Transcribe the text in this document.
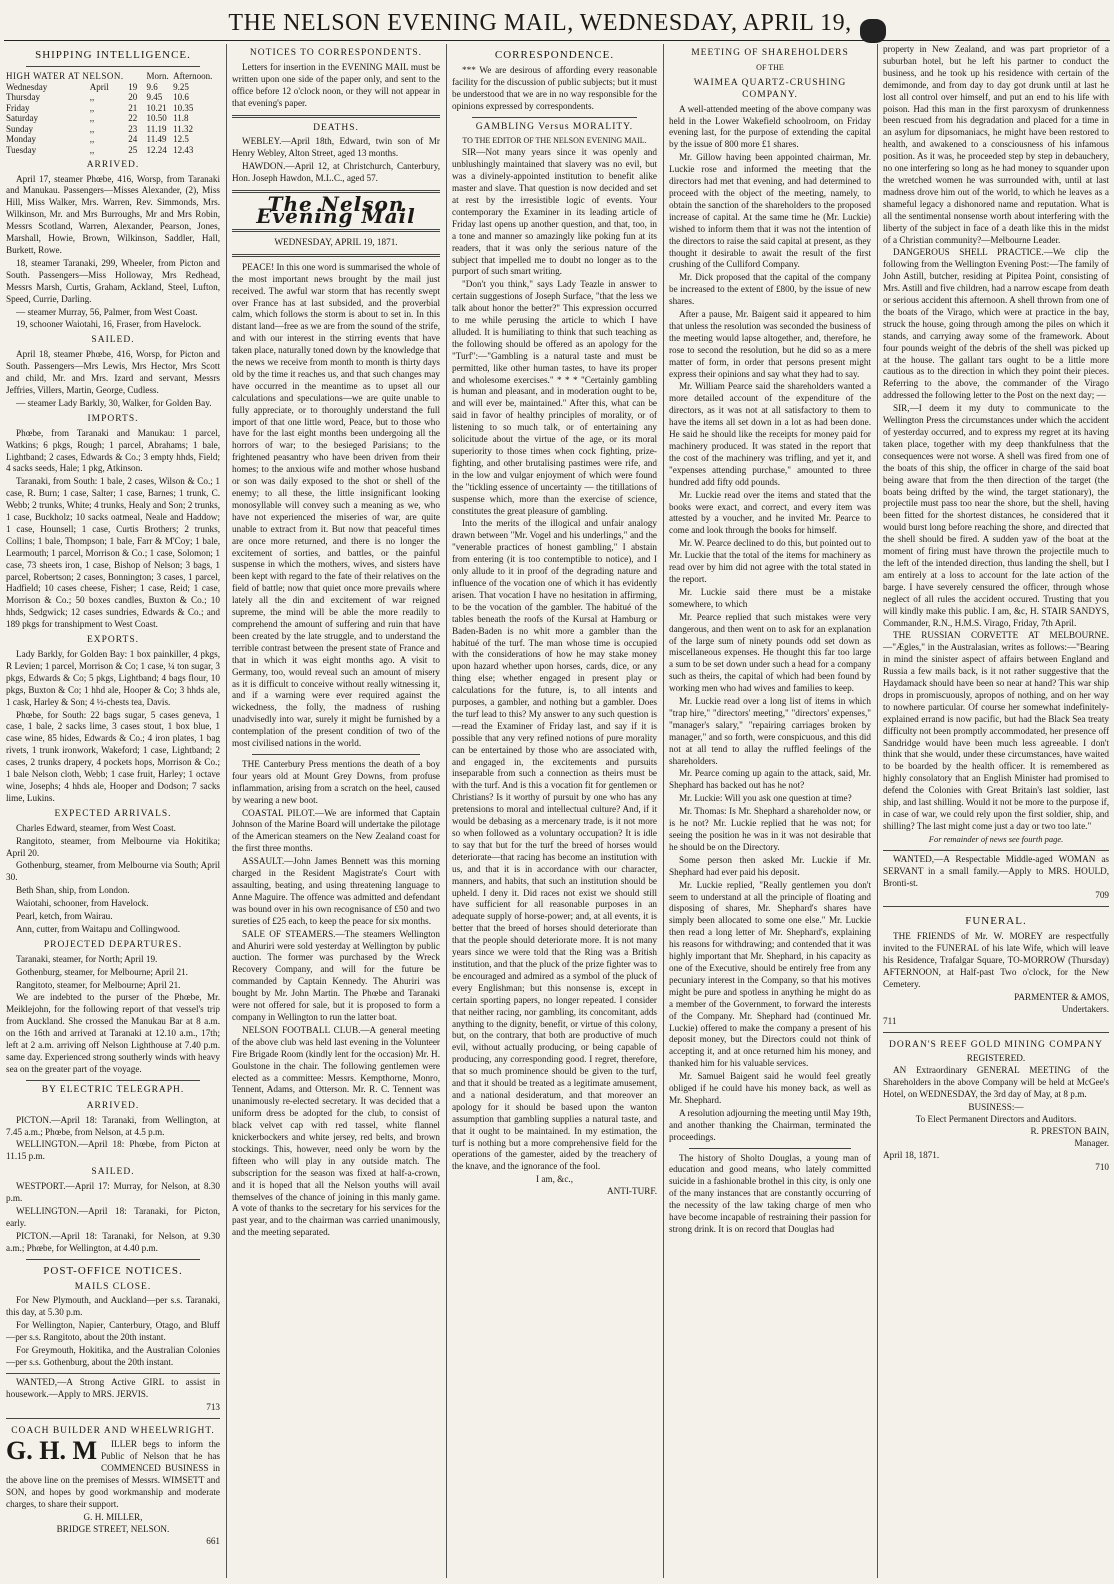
THE NELSON EVENING MAIL, WEDNESDAY, APRIL 19,
SHIPPING INTELLIGENCE.
HIGH WATER AT NELSON.			Morn.	Afternoon.
Wednesday	April	19	9.6	9.25
Thursday	,,	20	9.45	10.6
Friday	,,	21	10.21	10.35
Saturday	,,	22	10.50	11.8
Sunday	,,	23	11.19	11.32
Monday	,,	24	11.49	12.5
Tuesday	,,	25	12.24	12.43
ARRIVED.

April 17, steamer Phœbe, 416, Worsp, from Taranaki and Manukau. Passengers—Misses Alexander, (2), Miss Hill, Miss Walker, Mrs. Warren, Rev. Simmonds, Mrs. Wilkinson, Mr. and Mrs Burroughs, Mr and Mrs Robin, Messrs Scotland, Warren, Alexander, Pearson, Jones, Marshall, Howie, Brown, Wilkinson, Saddler, Hall, Burkett, Rowe.

18, steamer Taranaki, 299, Wheeler, from Picton and South. Passengers—Miss Holloway, Mrs Redhead, Messrs Marsh, Curtis, Graham, Ackland, Steel, Lufton, Speed, Currie, Darling.

— steamer Murray, 56, Palmer, from West Coast.

19, schooner Waiotahi, 16, Fraser, from Havelock.

SAILED.

April 18, steamer Phœbe, 416, Worsp, for Picton and South. Passengers—Mrs Lewis, Mrs Hector, Mrs Scott and child, Mr. and Mrs. Izard and servant, Messrs Jeffries, Villers, Martin, George, Cudless.

— steamer Lady Barkly, 30, Walker, for Golden Bay.

IMPORTS.

Phœbe, from Taranaki and Manukau: 1 parcel, Watkins; 6 pkgs, Rough; 1 parcel, Abrahams; 1 bale, Lightband; 2 cases, Edwards & Co.; 3 empty hhds, Field; 4 sacks seeds, Hale; 1 pkg, Atkinson.

Taranaki, from South: 1 bale, 2 cases, Wilson & Co.; 1 case, R. Burn; 1 case, Salter; 1 case, Barnes; 1 trunk, C. Webb; 2 trunks, White; 4 trunks, Healy and Son; 2 trunks, 1 case, Buckholz; 10 sacks oatmeal, Neale and Haddow; 1 case, Hounsell; 1 case, Curtis Brothers; 2 trunks, Collins; 1 bale, Thompson; 1 bale, Farr & M'Coy; 1 bale, Learmouth; 1 parcel, Morrison & Co.; 1 case, Solomon; 1 case, 73 sheets iron, 1 case, Bishop of Nelson; 3 bags, 1 parcel, Robertson; 2 cases, Bonnington; 3 cases, 1 parcel, Hadfield; 10 cases cheese, Fisher; 1 case, Reid; 1 case, Morrison & Co.; 50 boxes candles, Buxton & Co.; 10 hhds, Sedgwick; 12 cases sundries, Edwards & Co.; and 189 pkgs for transhipment to West Coast.

EXPORTS.

Lady Barkly, for Golden Bay: 1 box painkiller, 4 pkgs, R Levien; 1 parcel, Morrison & Co; 1 case, ¼ ton sugar, 3 pkgs, Edwards & Co; 5 pkgs, Lightband; 4 bags flour, 10 pkgs, Buxton & Co; 1 hhd ale, Hooper & Co; 3 hhds ale, 1 cask, Harley & Son; 4 ½-chests tea, Davis.

Phœbe, for South: 22 bags sugar, 5 cases geneva, 1 case, 1 bale, 2 sacks lime, 3 cases stout, 1 box blue, 1 case wine, 85 hides, Edwards & Co.; 4 iron plates, 1 bag rivets, 1 trunk ironwork, Wakeford; 1 case, Lightband; 2 cases, 2 trunks drapery, 4 pockets hops, Morrison & Co.; 1 bale Nelson cloth, Webb; 1 case fruit, Harley; 1 octave wine, Josephs; 4 hhds ale, Hooper and Dodson; 7 sacks lime, Lukins.

EXPECTED ARRIVALS.

Charles Edward, steamer, from West Coast.

Rangitoto, steamer, from Melbourne via Hokitika; April 20.

Gothenburg, steamer, from Melbourne via South; April 30.

Beth Shan, ship, from London.

Waiotahi, schooner, from Havelock.

Pearl, ketch, from Wairau.

Ann, cutter, from Waitapu and Collingwood.

PROJECTED DEPARTURES.

Taranaki, steamer, for North; April 19.

Gothenburg, steamer, for Melbourne; April 21.

Rangitoto, steamer, for Melbourne; April 21.

We are indebted to the purser of the Phœbe, Mr. Meiklejohn, for the following report of that vessel's trip from Auckland. She crossed the Manukau Bar at 8 a.m. on the 16th and arrived at Taranaki at 12.10 a.m., 17th; left at 2 a.m. arriving off Nelson Lighthouse at 7.40 p.m. same day. Experienced strong southerly winds with heavy sea on the greater part of the voyage.

BY ELECTRIC TELEGRAPH.
ARRIVED.

PICTON.—April 18: Taranaki, from Wellington, at 7.45 a.m.; Phœbe, from Nelson, at 4.5 p.m.

WELLINGTON.—April 18: Phœbe, from Picton at 11.15 p.m.

SAILED.

WESTPORT.—April 17: Murray, for Nelson, at 8.30 p.m.

WELLINGTON.—April 18: Taranaki, for Picton, early.

PICTON.—April 18: Taranaki, for Nelson, at 9.30 a.m.; Phœbe, for Wellington, at 4.40 p.m.

POST-OFFICE NOTICES.
MAILS CLOSE.

For New Plymouth, and Auckland—per s.s. Taranaki, this day, at 5.30 p.m.

For Wellington, Napier, Canterbury, Otago, and Bluff—per s.s. Rangitoto, about the 20th instant.

For Greymouth, Hokitika, and the Australian Colonies—per s.s. Gothenburg, about the 20th instant.

WANTED,—A Strong Active GIRL to assist in housework.—Apply to MRS. JERVIS.

713
COACH BUILDER AND WHEELWRIGHT.
G. H. M	ILLER begs to inform the Public of Nelson that he has COMMENCED BUSINESS in the above line on the premises of Messrs. WIMSETT and SON, and hopes by good workmanship and moderate charges, to share their support.

G. H. MILLER,
BRIDGE STREET, NELSON.
661
NOTICES TO CORRESPONDENTS.

Letters for insertion in the EVENING MAIL must be written upon one side of the paper only, and sent to the office before 12 o'clock noon, or they will not appear in that evening's paper.

DEATHS.

WEBLEY.—April 18th, Edward, twin son of Mr Henry Webley, Alton Street, aged 13 months.

HAWDON.—April 12, at Christchurch, Canterbury, Hon. Joseph Hawdon, M.L.C., aged 57.

The Nelson Evening Mail
WEDNESDAY, APRIL 19, 1871.

PEACE! In this one word is summarised the whole of the most important news brought by the mail just received. The awful war storm that has recently swept over France has at last subsided, and the proverbial calm, which follows the storm is about to set in. In this distant land—free as we are from the sound of the strife, and with our interest in the stirring events that have taken place, naturally toned down by the knowledge that the news we receive from month to month is thirty days old by the time it reaches us, and that such changes may have occurred in the meantime as to upset all our calculations and speculations—we are quite unable to fully appreciate, or to thoroughly understand the full import of that one little word, Peace, but to those who have for the last eight months been undergoing all the horrors of war; to the besieged Parisians; to the frightened peasantry who have been driven from their homes; to the anxious wife and mother whose husband or son was daily exposed to the shot or shell of the enemy; to all these, the little insignificant looking monosyllable will convey such a meaning as we, who have not experienced the miseries of war, are quite unable to extract from it. But now that peaceful times are once more returned, and there is no longer the excitement of sorties, and battles, or the painful suspense in which the mothers, wives, and sisters have been kept with regard to the fate of their relatives on the field of battle; now that quiet once more prevails where lately all the din and excitement of war reigned supreme, the mind will be able the more readily to comprehend the amount of suffering and ruin that have been created by the late struggle, and to understand the terrible contrast between the present state of France and that in which it was eight months ago. A visit to Germany, too, would reveal such an amount of misery as it is difficult to conceive without really witnessing it, and if a warning were ever required against the wickedness, the folly, the madness of rushing unadvisedly into war, surely it might be furnished by a contemplation of the present condition of two of the most civilised nations in the world.

THE Canterbury Press mentions the death of a boy four years old at Mount Grey Downs, from profuse inflammation, arising from a scratch on the heel, caused by wearing a new boot.

COASTAL PILOT.—We are informed that Captain Johnson of the Marine Board will undertake the pilotage of the American steamers on the New Zealand coast for the first three months.

ASSAULT.—John James Bennett was this morning charged in the Resident Magistrate's Court with assaulting, beating, and using threatening language to Anne Maguire. The offence was admitted and defendant was bound over in his own recognisance of £50 and two sureties of £25 each, to keep the peace for six months.

SALE OF STEAMERS.—The steamers Wellington and Ahuriri were sold yesterday at Wellington by public auction. The former was purchased by the Wreck Recovery Company, and will for the future be commanded by Captain Kennedy. The Ahuriri was bought by Mr. John Martin. The Phœbe and Taranaki were not offered for sale, but it is proposed to form a company in Wellington to run the latter boat.

NELSON FOOTBALL CLUB.—A general meeting of the above club was held last evening in the Volunteer Fire Brigade Room (kindly lent for the occasion) Mr. H. Goulstone in the chair. The following gentlemen were elected as a committee: Messrs. Kempthorne, Monro, Tennent, Adams, and Otterson. Mr. R. C. Tennent was unanimously re-elected secretary. It was decided that a uniform dress be adopted for the club, to consist of black velvet cap with red tassel, white flannel knickerbockers and white jersey, red belts, and brown stockings. This, however, need only be worn by the fifteen who will play in any outside match. The subscription for the season was fixed at half-a-crown, and it is hoped that all the Nelson youths will avail themselves of the chance of joining in this manly game. A vote of thanks to the secretary for his services for the past year, and to the chairman was carried unanimously, and the meeting separated.

CORRESPONDENCE.

*** We are desirous of affording every reasonable facility for the discussion of public subjects; but it must be understood that we are in no way responsible for the opinions expressed by correspondents.

GAMBLING Versus MORALITY.
TO THE EDITOR OF THE NELSON EVENING MAIL.

SIR—Not many years since it was openly and unblushingly maintained that slavery was no evil, but was a divinely-appointed institution to benefit alike master and slave. That question is now decided and set at rest by the irresistible logic of events. Your contemporary the Examiner in its leading article of Friday last opens up another question, and that, too, in a tone and manner so amazingly like poking fun at its readers, that it was only the serious nature of the subject that impelled me to doubt no longer as to the purport of such smart writing.

"Don't you think," says Lady Teazle in answer to certain suggestions of Joseph Surface, "that the less we talk about honor the better?" This expression occurred to me while perusing the article to which I have alluded. It is humiliating to think that such teaching as the following should be offered as an apology for the "Turf":—"Gambling is a natural taste and must be permitted, like other human tastes, to have its proper and wholesome exercises." * * * "Certainly gambling is human and pleasant, and in moderation ought to be, and will ever be, maintained." After this, what can be said in favor of healthy principles of morality, or of listening to so much talk, or of entertaining any solicitude about the virtue of the age, or its moral superiority to those times when cock fighting, prize-fighting, and other brutalising pastimes were rife, and in the low and vulgar enjoyment of which were found the "tickling essence of uncertainty — the titillations of suspense which, more than the exercise of science, constitutes the great pleasure of gambling.

Into the merits of the illogical and unfair analogy drawn between "Mr. Vogel and his underlings," and the "venerable practices of honest gambling," I abstain from entering (it is too contemptible to notice), and I only allude to it in proof of the degrading nature and influence of the vocation one of which it has evidently arisen. That vocation I have no hesitation in affirming, to be the vocation of the gambler. The habitué of the tables beneath the roofs of the Kursal at Hamburg or Baden-Baden is no whit more a gambler than the habitué of the turf. The man whose time is occupied with the considerations of how he may stake money upon hazard whether upon horses, cards, dice, or any thing else; whether engaged in present play or calculations for the future, is, to all intents and purposes, a gambler, and nothing but a gambler. Does the turf lead to this? My answer to any such question is—read the Examiner of Friday last, and say if it is possible that any very refined notions of pure morality can be entertained by those who are associated with, and engaged in, the excitements and pursuits inseparable from such a connection as theirs must be with the turf. And is this a vocation fit for gentlemen or Christians? Is it worthy of pursuit by one who has any pretensions to moral and intellectual culture? And, if it would be debasing as a mercenary trade, is it not more so when followed as a voluntary occupation? It is idle to say that but for the turf the breed of horses would deteriorate—that racing has become an institution with us, and that it is in accordance with our character, manners, and habits, that such an institution should be upheld. I deny it. Did races not exist we should still have sufficient for all reasonable purposes in an adequate supply of horse-power; and, at all events, it is better that the breed of horses should deteriorate than that the people should deteriorate more. It is not many years since we were told that the Ring was a British institution, and that the pluck of the prize fighter was to be encouraged and admired as a symbol of the pluck of every Englishman; but this nonsense is, except in certain sporting papers, no longer repeated. I consider that neither racing, nor gambling, its concomitant, adds anything to the dignity, benefit, or virtue of this colony, but, on the contrary, that both are productive of much evil, without actually producing, or being capable of producing, any corresponding good. I regret, therefore, that so much prominence should be given to the turf, and that it should be treated as a legitimate amusement, and a national desideratum, and that moreover an apology for it should be based upon the wanton assumption that gambling supplies a natural taste, and that it ought to be maintained. In my estimation, the turf is nothing but a more comprehensive field for the operations of the gamester, aided by the treachery of the knave, and the ignorance of the fool.

I am, &c.,
ANTI-TURF.
MEETING OF SHAREHOLDERS
OF THE
WAIMEA QUARTZ-CRUSHING COMPANY.

A well-attended meeting of the above company was held in the Lower Wakefield schoolroom, on Friday evening last, for the purpose of extending the capital by the issue of 800 more £1 shares.

Mr. Gillow having been appointed chairman, Mr. Luckie rose and informed the meeting that the directors had met that evening, and had determined to proceed with the object of the meeting, namely, to obtain the sanction of the shareholders to the proposed increase of capital. At the same time he (Mr. Luckie) wished to inform them that it was not the intention of the directors to raise the said capital at present, as they thought it desirable to await the result of the first crushing of the Culliford Company.

Mr. Dick proposed that the capital of the company be increased to the extent of £800, by the issue of new shares.

After a pause, Mr. Baigent said it appeared to him that unless the resolution was seconded the business of the meeting would lapse altogether, and, therefore, he rose to second the resolution, but he did so as a mere matter of form, in order that persons present might express their opinions and say what they had to say.

Mr. William Pearce said the shareholders wanted a more detailed account of the expenditure of the directors, as it was not at all satisfactory to them to have the items all set down in a lot as had been done. He said he should like the receipts for money paid for machinery produced. It was stated in the report that the cost of the machinery was trifling, and yet it, and "expenses attending purchase," amounted to three hundred add fifty odd pounds.

Mr. Luckie read over the items and stated that the books were exact, and correct, and every item was attested by a voucher, and he invited Mr. Pearce to come and look through the books for himself.

Mr. W. Pearce declined to do this, but pointed out to Mr. Luckie that the total of the items for machinery as read over by him did not agree with the total stated in the report.

Mr. Luckie said there must be a mistake somewhere, to which

Mr. Pearce replied that such mistakes were very dangerous, and then went on to ask for an explanation of the large sum of ninety pounds odd set down as miscellaneous expenses. He thought this far too large a sum to be set down under such a head for a company such as theirs, the capital of which had been found by working men who had wives and families to keep.

Mr. Luckie read over a long list of items in which "trap hire," "directors' meeting," "directors' expenses," "manager's salary," "repairing carriages broken by manager," and so forth, were conspicuous, and this did not at all tend to allay the ruffled feelings of the shareholders.

Mr. Pearce coming up again to the attack, said, Mr. Shephard has backed out has he not?

Mr. Luckie: Will you ask one question at time?

Mr. Thomas: Is Mr. Shephard a shareholder now, or is he not? Mr. Luckie replied that he was not; for seeing the position he was in it was not desirable that he should be on the Directory.

Some person then asked Mr. Luckie if Mr. Shephard had ever paid his deposit.

Mr. Luckie replied, "Really gentlemen you don't seem to understand at all the principle of floating and disposing of shares, Mr. Shephard's shares have simply been allocated to some one else." Mr. Luckie then read a long letter of Mr. Shephard's, explaining his reasons for withdrawing; and contended that it was highly important that Mr. Shephard, in his capacity as one of the Executive, should be entirely free from any pecuniary interest in the Company, so that his motives might be pure and spotless in anything he might do as a member of the Government, to forward the interests of the Company. Mr. Shephard had (continued Mr. Luckie) offered to make the company a present of his deposit money, but the Directors could not think of accepting it, and at once returned him his money, and thanked him for his valuable services.

Mr. Samuel Baigent said he would feel greatly obliged if he could have his money back, as well as Mr. Shephard.

A resolution adjourning the meeting until May 19th, and another thanking the Chairman, terminated the proceedings.

The history of Sholto Douglas, a young man of education and good means, who lately committed suicide in a fashionable brothel in this city, is only one of the many instances that are constantly occurring of the necessity of the law taking charge of men who have become incapable of restraining their passion for strong drink. It is on record that Douglas had

property in New Zealand, and was part proprietor of a suburban hotel, but he left his partner to conduct the business, and he took up his residence with certain of the demimonde, and from day to day got drunk until at last he lost all control over himself, and put an end to his life with poison. Had this man in the first paroxysm of drunkenness been rescued from his degradation and placed for a time in an asylum for dipsomaniacs, he might have been restored to health, and awakened to a consciousness of his infamous position. As it was, he proceeded step by step in debauchery, no one interfering so long as he had money to squander upon the wretched women he was surrounded with, until at last madness drove him out of the world, to which he leaves as a shameful legacy a dishonored name and reputation. What is all the sentimental nonsense worth about interfering with the liberty of the subject in face of a death like this in the midst of a Christian community?—Melbourne Leader.

DANGEROUS SHELL PRACTICE.—We clip the following from the Wellington Evening Post:—The family of John Astill, butcher, residing at Pipitea Point, consisting of Mrs. Astill and five children, had a narrow escape from death or serious accident this afternoon. A shell thrown from one of the boats of the Virago, which were at practice in the bay, struck the house, going through among the piles on which it stands, and carrying away some of the framework. About four pounds weight of the debris of the shell was picked up at the house. The gallant tars ought to be a little more cautious as to the direction in which they point their pieces. Referring to the above, the commander of the Virago addressed the following letter to the Post on the next day; —

SIR,—I deem it my duty to communicate to the Wellington Press the circumstances under which the accident of yesterday occurred, and to express my regret at its having taken place, together with my deep thankfulness that the consequences were not worse. A shell was fired from one of the boats of this ship, the officer in charge of the said boat being aware that from the then direction of the target (the boats being drifted by the wind, the target stationary), the projectile must pass too near the shore, but the shell, having been fitted for the shortest distances, he considered that it would burst long before reaching the shore, and directed that the shell should be fired. A sudden yaw of the boat at the moment of firing must have thrown the projectile much to the left of the intended direction, thus landing the shell, but I am entirely at a loss to account for the late action of the barge. I have severely censured the officer, through whose neglect of all rules the accident occured. Trusting that you will kindly make this public. I am, &c, H. STAIR SANDYS, Commander, R.N., H.M.S. Virago, Friday, 7th April.

THE RUSSIAN CORVETTE AT MELBOURNE.—"Ægles," in the Australasian, writes as follows:—"Bearing in mind the sinister aspect of affairs between England and Russia a few mails back, is it not rather suggestive that the Haydamack should have been so near at hand? This war ship drops in promiscuously, apropos of nothing, and on her way to nowhere particular. Of course her somewhat indefinitely-explained errand is now pacific, but had the Black Sea treaty difficulty not been promptly accommodated, her presence off Sandridge would have been much less agreeable. I don't think that she would, under these circumstances, have waited to be boarded by the health officer. It is remembered as highly consolatory that an English Minister had promised to defend the Colonies with Great Britain's last soldier, last ship, and last shilling. Would it not be more to the purpose if, in case of war, we could rely upon the first soldier, ship, and shilling? The last might come just a day or two too late."

For remainder of news see fourth page.

WANTED,—A Respectable Middle-aged WOMAN as SERVANT in a small family.—Apply to MRS. HOULD, Bronti-st.

709
FUNERAL.

THE FRIENDS of Mr. W. MOREY are respectfully invited to the FUNERAL of his late Wife, which will leave his Residence, Trafalgar Square, TO-MORROW (Thursday) AFTERNOON, at Half-past Two o'clock, for the New Cemetery.

PARMENTER & AMOS,
Undertakers.
711
DORAN'S REEF GOLD MINING COMPANY
REGISTERED.

AN Extraordinary GENERAL MEETING of the Shareholders in the above Company will be held at McGee's Hotel, on WEDNESDAY, the 3rd day of May, at 8 p.m.

BUSINESS:—
To Elect Permanent Directors and Auditors.
R. PRESTON BAIN,
Manager.
April 18, 1871.
710
